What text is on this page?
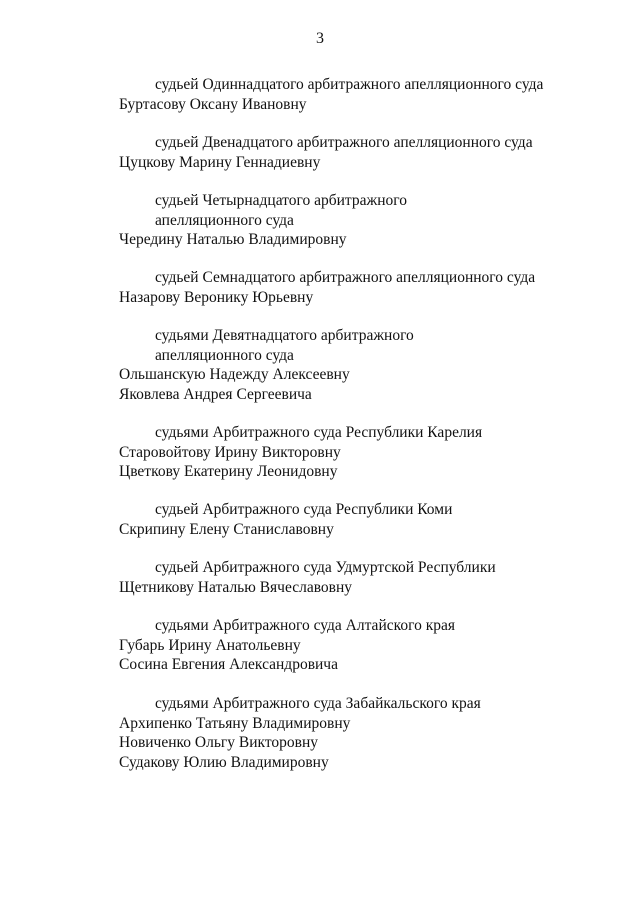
3
судьей Одиннадцатого арбитражного апелляционного суда
Буртасову Оксану Ивановну
судьей Двенадцатого арбитражного апелляционного суда
Цуцкову Марину Геннадиевну
судьей Четырнадцатого арбитражного
апелляционного суда
Чередину Наталью Владимировну
судьей Семнадцатого арбитражного апелляционного суда
Назарову Веронику Юрьевну
судьями Девятнадцатого арбитражного
апелляционного суда
Ольшанскую Надежду Алексеевну
Яковлева Андрея Сергеевича
судьями Арбитражного суда Республики Карелия
Старовойтову Ирину Викторовну
Цветкову Екатерину Леонидовну
судьей Арбитражного суда Республики Коми
Скрипину Елену Станиславовну
судьей Арбитражного суда Удмуртской Республики
Щетникову Наталью Вячеславовну
судьями Арбитражного суда Алтайского края
Губарь Ирину Анатольевну
Сосина Евгения Александровича
судьями Арбитражного суда Забайкальского края
Архипенко Татьяну Владимировну
Новиченко Ольгу Викторовну
Судакову Юлию Владимировну
